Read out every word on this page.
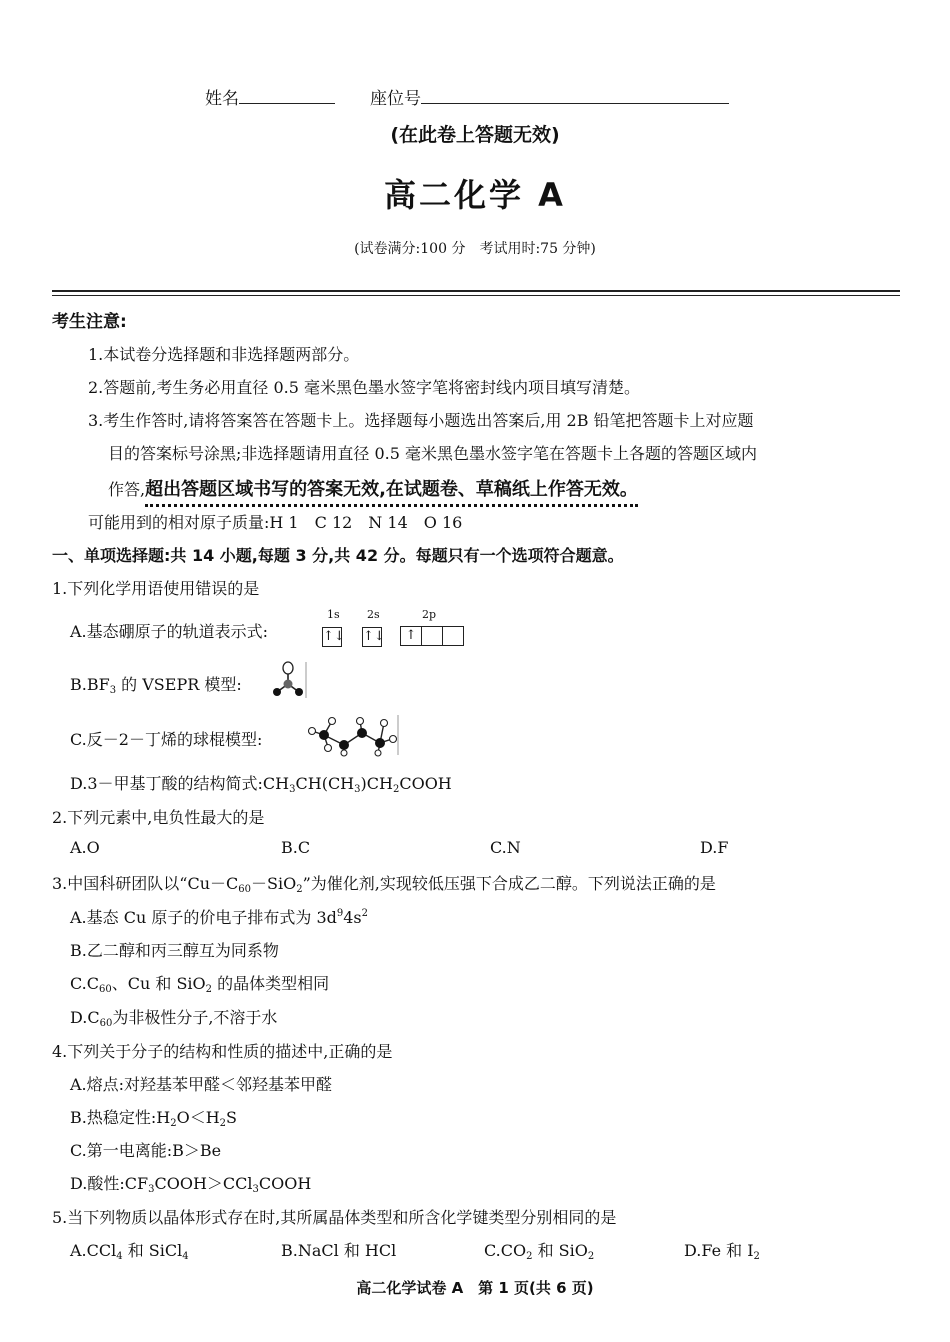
姓名	座位号
(在此卷上答题无效)
高二化学 A
(试卷满分:100 分　考试用时:75 分钟)
考生注意:
1.本试卷分选择题和非选择题两部分。
2.答题前,考生务必用直径 0.5 毫米黑色墨水签字笔将密封线内项目填写清楚。
3.考生作答时,请将答案答在答题卡上。选择题每小题选出答案后,用 2B 铅笔把答题卡上对应题
目的答案标号涂黑;非选择题请用直径 0.5 毫米黑色墨水签字笔在答题卡上各题的答题区域内
作答,超出答题区域书写的答案无效,在试题卷、草稿纸上作答无效。
可能用到的相对原子质量:H 1　C 12　N 14　O 16
一、单项选择题:共 14 小题,每题 3 分,共 42 分。每题只有一个选项符合题意。
1.下列化学用语使用错误的是
A.基态硼原子的轨道表示式:
1s
↑↓
2s
↑↓
2p
↑
$B.BF_3$ 的 VSEPR 模型:
C.反－2－丁烯的球棍模型:
D.3－甲基丁酸的结构简式$:CH_3CH(CH_3)CH_2COOH$
2.下列元素中,电负性最大的是
A.O	B.C	C.N	D.F
3.中国科研团队以“$Cu-C_{60}-SiO_2$”为催化剂,实现较低压强下合成乙二醇。下列说法正确的是
A.基态 Cu 原子的价电子排布式为 $3d^94s^2$
B.乙二醇和丙三醇互为同系物
$C.C_{60}$、Cu 和 SiO$_2$ 的晶体类型相同
$D.C_{60}$为非极性分子,不溶于水
4.下列关于分子的结构和性质的描述中,正确的是
A.熔点:对羟基苯甲醛＜邻羟基苯甲醛
B.热稳定性$:H_2O<H_2S$
C.第一电离能:B＞Be
D.酸性$:CF_3COOH>CCl_3COOH$
5.当下列物质以晶体形式存在时,其所属晶体类型和所含化学键类型分别相同的是
A.CCl$_4$ 和 SiCl$_4$	B.NaCl 和 HCl	$C.CO_2$ 和 SiO$_2$	D.Fe 和 $I_2$
高二化学试卷 A　第 1 页(共 6 页)
